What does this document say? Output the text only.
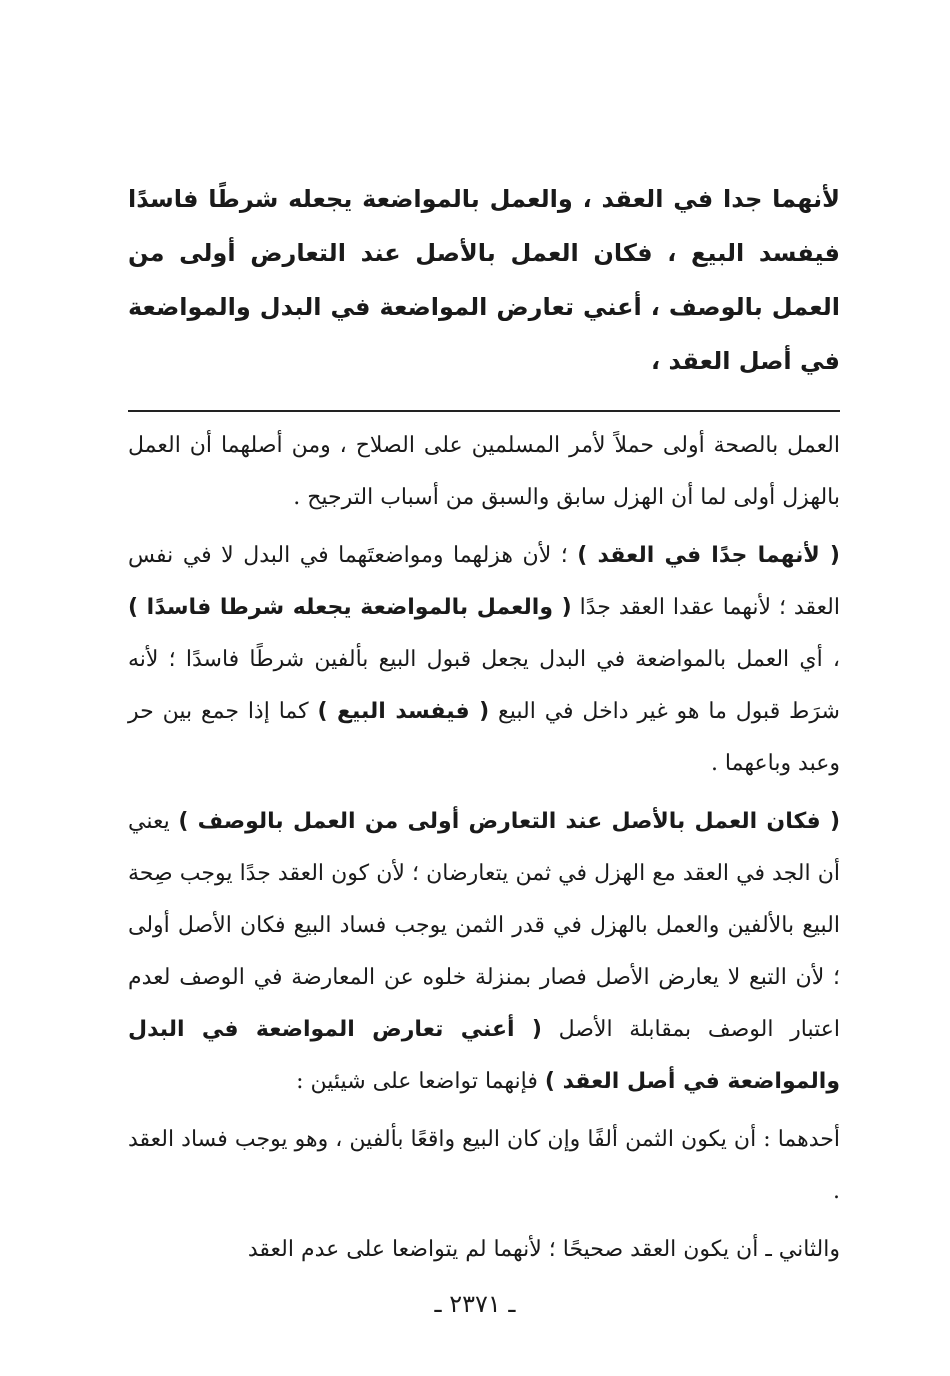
لأنهما جدا في العقد ، والعمل بالمواضعة يجعله شرطًا فاسدًا فيفسد البيع ، فكان العمل بالأصل عند التعارض أولى من العمل بالوصف ، أعني تعارض المواضعة في البدل والمواضعة في أصل العقد ،

العمل بالصحة أولى حملاً لأمر المسلمين على الصلاح ، ومن أصلهما أن العمل بالهزل أولى لما أن الهزل سابق والسبق من أسباب الترجيح .

( لأنهما جدًا في العقد ) ؛ لأن هزلهما ومواضعتَهما في البدل لا في نفس العقد ؛ لأنهما عقدا العقد جدًا ( والعمل بالمواضعة يجعله شرطا فاسدًا ) ، أي العمل بالمواضعة في البدل يجعل قبول البيع بألفين شرطًا فاسدًا ؛ لأنه شرَط قبول ما هو غير داخل في البيع ( فيفسد البيع ) كما إذا جمع بين حر وعبد وباعهما .

( فكان العمل بالأصل عند التعارض أولى من العمل بالوصف ) يعني أن الجد في العقد مع الهزل في ثمن يتعارضان ؛ لأن كون العقد جدًا يوجب صِحة البيع بالألفين والعمل بالهزل في قدر الثمن يوجب فساد البيع فكان الأصل أولى ؛ لأن التبع لا يعارض الأصل فصار بمنزلة خلوه عن المعارضة في الوصف لعدم اعتبار الوصف بمقابلة الأصل ( أعني تعارض المواضعة في البدل والمواضعة في أصل العقد ) فإنهما تواضعا على شيئين :

أحدهما : أن يكون الثمن ألفًا وإن كان البيع واقعًا بألفين ، وهو يوجب فساد العقد .

والثاني ـ أن يكون العقد صحيحًا ؛ لأنهما لم يتواضعا على عدم العقد

ـ ٢٣٧١ ـ
